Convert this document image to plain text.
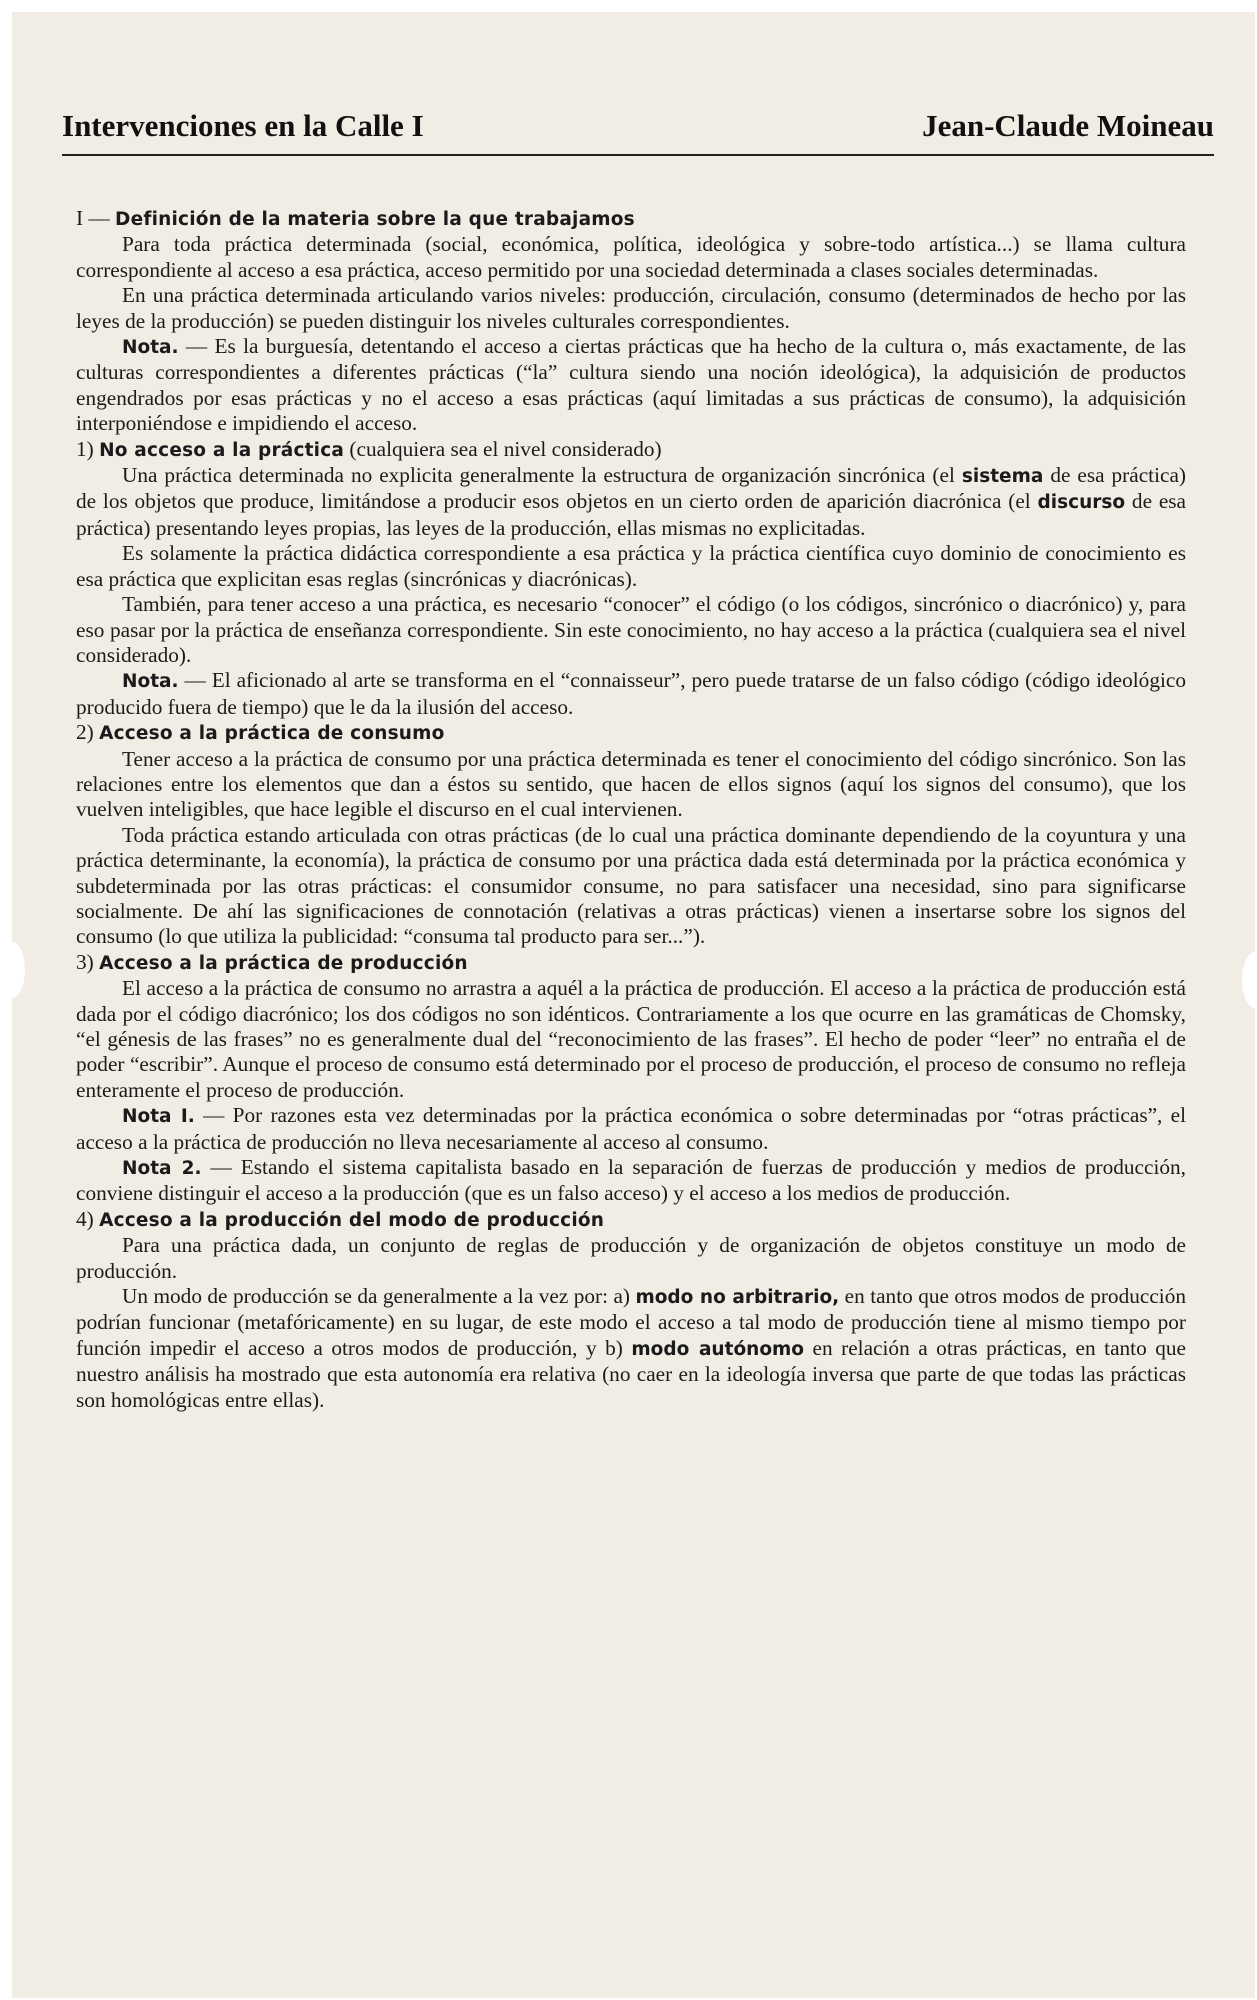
Intervenciones en la Calle I	Jean-Claude Moineau

I — Definición de la materia sobre la que trabajamos

Para toda práctica determinada (social, económica, política, ideológica y sobre-todo artística...) se llama cultura correspondiente al acceso a esa práctica, acceso permitido por una sociedad determinada a clases sociales determinadas.

En una práctica determinada articulando varios niveles: producción, circulación, consumo (determinados de hecho por las leyes de la producción) se pueden distinguir los niveles culturales correspondientes.

Nota. — Es la burguesía, detentando el acceso a ciertas prácticas que ha hecho de la cultura o, más exactamente, de las culturas correspondientes a diferentes prácticas (“la” cultura siendo una noción ideológica), la adquisición de productos engendrados por esas prácticas y no el acceso a esas prácticas (aquí limitadas a sus prácticas de consumo), la adquisición interponiéndose e impidiendo el acceso.

1) No acceso a la práctica (cualquiera sea el nivel considerado)

Una práctica determinada no explicita generalmente la estructura de organización sincrónica (el sistema de esa práctica) de los objetos que produce, limitándose a producir esos objetos en un cierto orden de aparición diacrónica (el discurso de esa práctica) presentando leyes propias, las leyes de la producción, ellas mismas no explicitadas.

Es solamente la práctica didáctica correspondiente a esa práctica y la práctica científica cuyo dominio de conocimiento es esa práctica que explicitan esas reglas (sincrónicas y diacrónicas).

También, para tener acceso a una práctica, es necesario “conocer” el código (o los códigos, sincrónico o diacrónico) y, para eso pasar por la práctica de enseñanza correspondiente. Sin este conocimiento, no hay acceso a la práctica (cualquiera sea el nivel considerado).

Nota. — El aficionado al arte se transforma en el “connaisseur”, pero puede tratarse de un falso código (código ideológico producido fuera de tiempo) que le da la ilusión del acceso.

2) Acceso a la práctica de consumo

Tener acceso a la práctica de consumo por una práctica determinada es tener el conocimiento del código sincrónico. Son las relaciones entre los elementos que dan a éstos su sentido, que hacen de ellos signos (aquí los signos del consumo), que los vuelven inteligibles, que hace legible el discurso en el cual intervienen.

Toda práctica estando articulada con otras prácticas (de lo cual una práctica dominante dependiendo de la coyuntura y una práctica determinante, la economía), la práctica de consumo por una práctica dada está determinada por la práctica económica y subdeterminada por las otras prácticas: el consumidor consume, no para satisfacer una necesidad, sino para significarse socialmente. De ahí las significaciones de connotación (relativas a otras prácticas) vienen a insertarse sobre los signos del consumo (lo que utiliza la publicidad: “consuma tal producto para ser...”).

3) Acceso a la práctica de producción

El acceso a la práctica de consumo no arrastra a aquél a la práctica de producción. El acceso a la práctica de producción está dada por el código diacrónico; los dos códigos no son idénticos. Contrariamente a los que ocurre en las gramáticas de Chomsky, “el génesis de las frases” no es generalmente dual del “reconocimiento de las frases”. El hecho de poder “leer” no entraña el de poder “escribir”. Aunque el proceso de consumo está determinado por el proceso de producción, el proceso de consumo no refleja enteramente el proceso de producción.

Nota I. — Por razones esta vez determinadas por la práctica económica o sobre determinadas por “otras prácticas”, el acceso a la práctica de producción no lleva necesariamente al acceso al consumo.

Nota 2. — Estando el sistema capitalista basado en la separación de fuerzas de producción y medios de producción, conviene distinguir el acceso a la producción (que es un falso acceso) y el acceso a los medios de producción.

4) Acceso a la producción del modo de producción

Para una práctica dada, un conjunto de reglas de producción y de organización de objetos constituye un modo de producción.

Un modo de producción se da generalmente a la vez por: a) modo no arbitrario, en tanto que otros modos de producción podrían funcionar (metafóricamente) en su lugar, de este modo el acceso a tal modo de producción tiene al mismo tiempo por función impedir el acceso a otros modos de producción, y b) modo autónomo en relación a otras prácticas, en tanto que nuestro análisis ha mostrado que esta autonomía era relativa (no caer en la ideología inversa que parte de que todas las prácticas son homológicas entre ellas).
